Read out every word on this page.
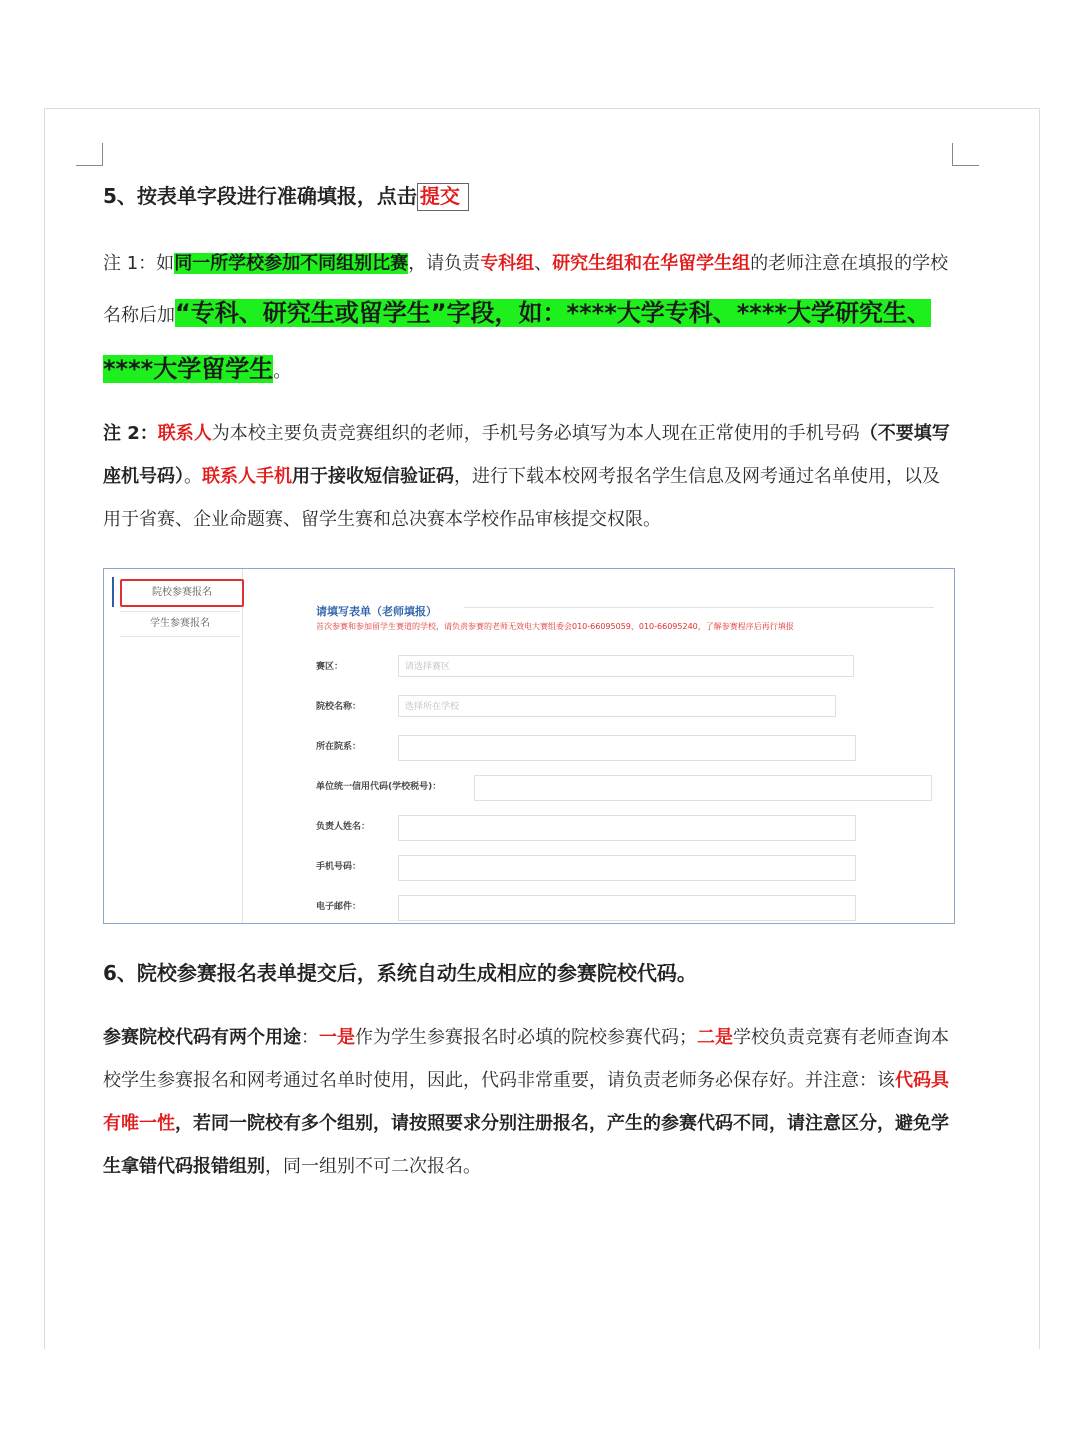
5、按表单字段进行准确填报，点击 提交
注 1：如同一所学校参加不同组别比赛，请负责专科组、研究生组和在华留学生组的老师注意在填报的学校名称后加“专科、研究生或留学生”字段，如：****大学专科、****大学研究生、****大学留学生。
注 2：联系人为本校主要负责竞赛组织的老师，手机号务必填写为本人现在正常使用的手机号码（不要填写座机号码）。联系人手机用于接收短信验证码，进行下载本校网考报名学生信息及网考通过名单使用，以及用于省赛、企业命题赛、留学生赛和总决赛本学校作品审核提交权限。
院校参赛报名
学生参赛报名
请填写表单（老师填报）
首次参赛和参加留学生赛道的学校，请负责参赛的老师无效电大赛组委会010-66095059、010-66095240，了解参赛程序后再行填报
赛区：	请选择赛区
院校名称：	选择所在学校
所在院系：
单位统一信用代码(学校税号)：
负责人姓名：
手机号码：
电子邮件：
6、院校参赛报名表单提交后，系统自动生成相应的参赛院校代码。
参赛院校代码有两个用途：一是作为学生参赛报名时必填的院校参赛代码；二是学校负责竞赛有老师查询本校学生参赛报名和网考通过名单时使用，因此，代码非常重要，请负责老师务必保存好。并注意：该代码具有唯一性，若同一院校有多个组别，请按照要求分别注册报名，产生的参赛代码不同，请注意区分，避免学生拿错代码报错组别，同一组别不可二次报名。
